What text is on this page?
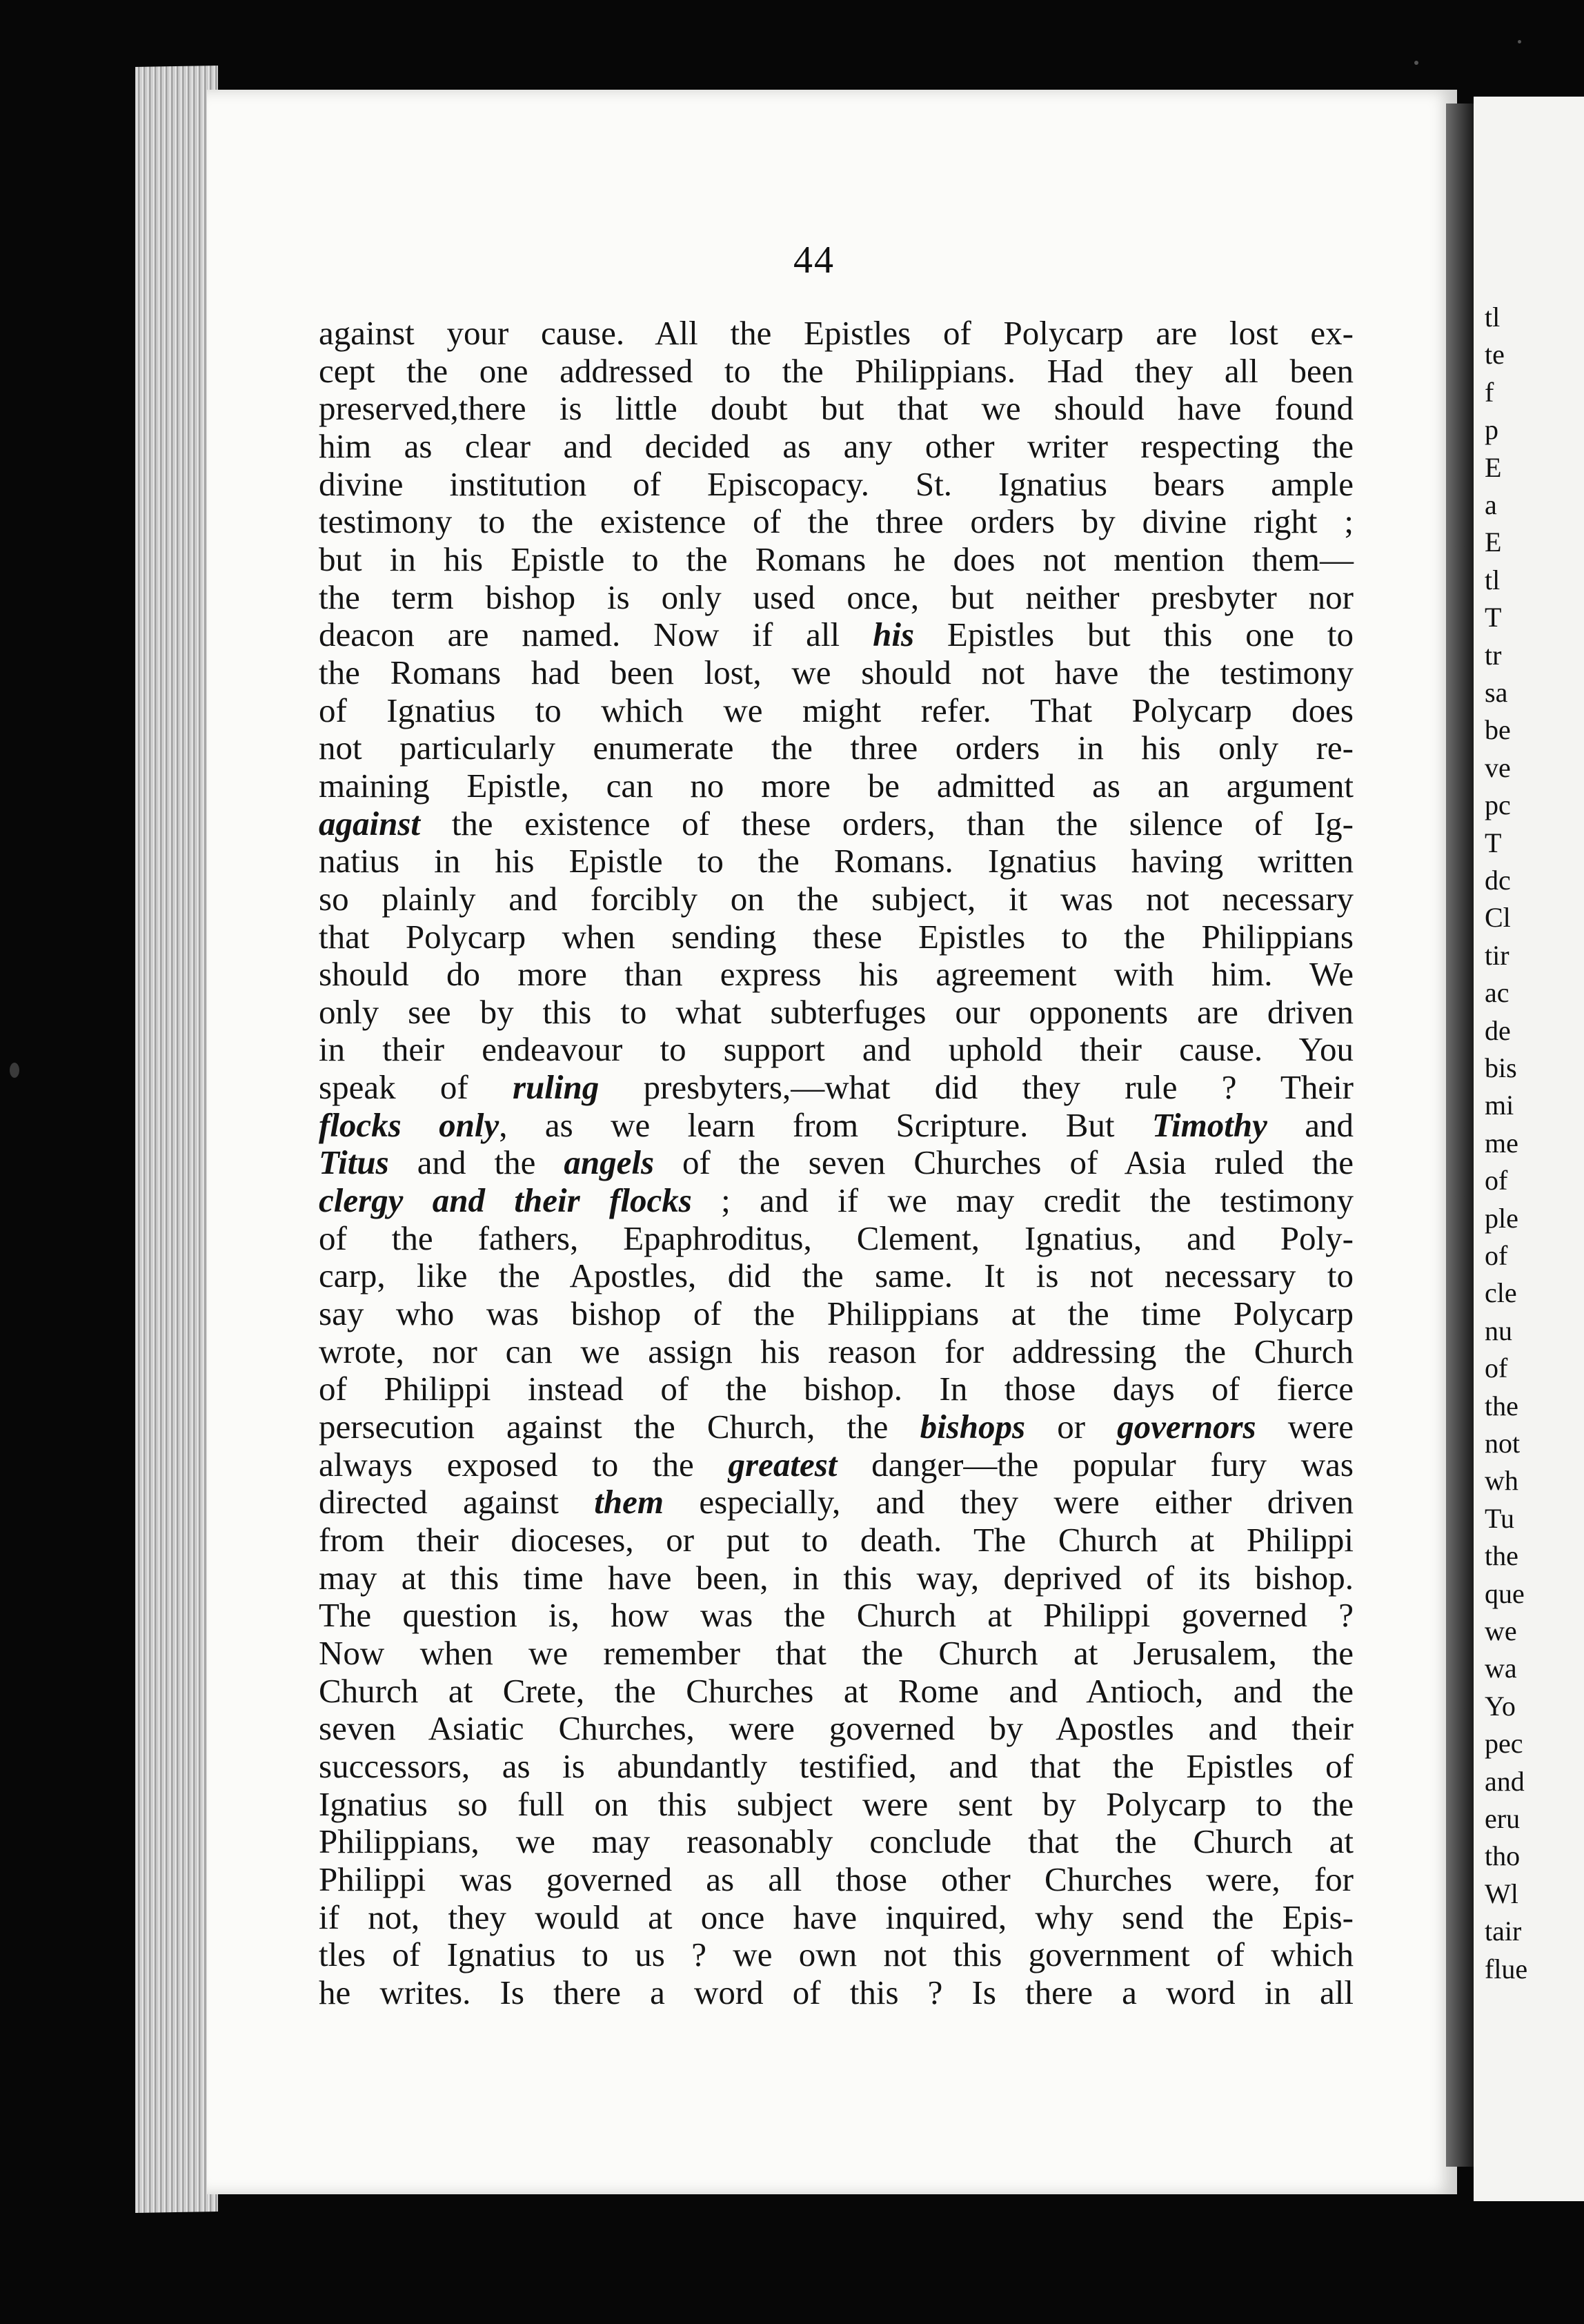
tl
te
f
p
E
a
E
tl
T
tr
sa
be
ve
pc
T
dc
Cl
tir
ac
de
bis
mi
me
of
ple
of
cle
nu
of
the
not
wh
Tu
the
que
we
wa
Yo
pec
and
eru
tho
Wl
tair
flue
44
against your cause. All the Epistles of Polycarp are lost ex-
cept the one addressed to the Philippians. Had they all been
preserved,there is little doubt but that we should have found
him as clear and decided as any other writer respecting the
divine institution of Episcopacy. St. Ignatius bears ample
testimony to the existence of the three orders by divine right ;
but in his Epistle to the Romans he does not mention them—
the term bishop is only used once, but neither presbyter nor
deacon are named. Now if all his Epistles but this one to
the Romans had been lost, we should not have the testimony
of Ignatius to which we might refer. That Polycarp does
not particularly enumerate the three orders in his only re-
maining Epistle, can no more be admitted as an argument
against the existence of these orders, than the silence of Ig-
natius in his Epistle to the Romans. Ignatius having written
so plainly and forcibly on the subject, it was not necessary
that Polycarp when sending these Epistles to the Philippians
should do more than express his agreement with him. We
only see by this to what subterfuges our opponents are driven
in their endeavour to support and uphold their cause. You
speak of ruling presbyters,—what did they rule ? Their
flocks only, as we learn from Scripture. But Timothy and
Titus and the angels of the seven Churches of Asia ruled the
clergy and their flocks ; and if we may credit the testimony
of the fathers, Epaphroditus, Clement, Ignatius, and Poly-
carp, like the Apostles, did the same. It is not necessary to
say who was bishop of the Philippians at the time Polycarp
wrote, nor can we assign his reason for addressing the Church
of Philippi instead of the bishop. In those days of fierce
persecution against the Church, the bishops or governors were
always exposed to the greatest danger—the popular fury was
directed against them especially, and they were either driven
from their dioceses, or put to death. The Church at Philippi
may at this time have been, in this way, deprived of its bishop.
The question is, how was the Church at Philippi governed ?
Now when we remember that the Church at Jerusalem, the
Church at Crete, the Churches at Rome and Antioch, and the
seven Asiatic Churches, were governed by Apostles and their
successors, as is abundantly testified, and that the Epistles of
Ignatius so full on this subject were sent by Polycarp to the
Philippians, we may reasonably conclude that the Church at
Philippi was governed as all those other Churches were, for
if not, they would at once have inquired, why send the Epis-
tles of Ignatius to us ? we own not this government of which
he writes. Is there a word of this ? Is there a word in all
